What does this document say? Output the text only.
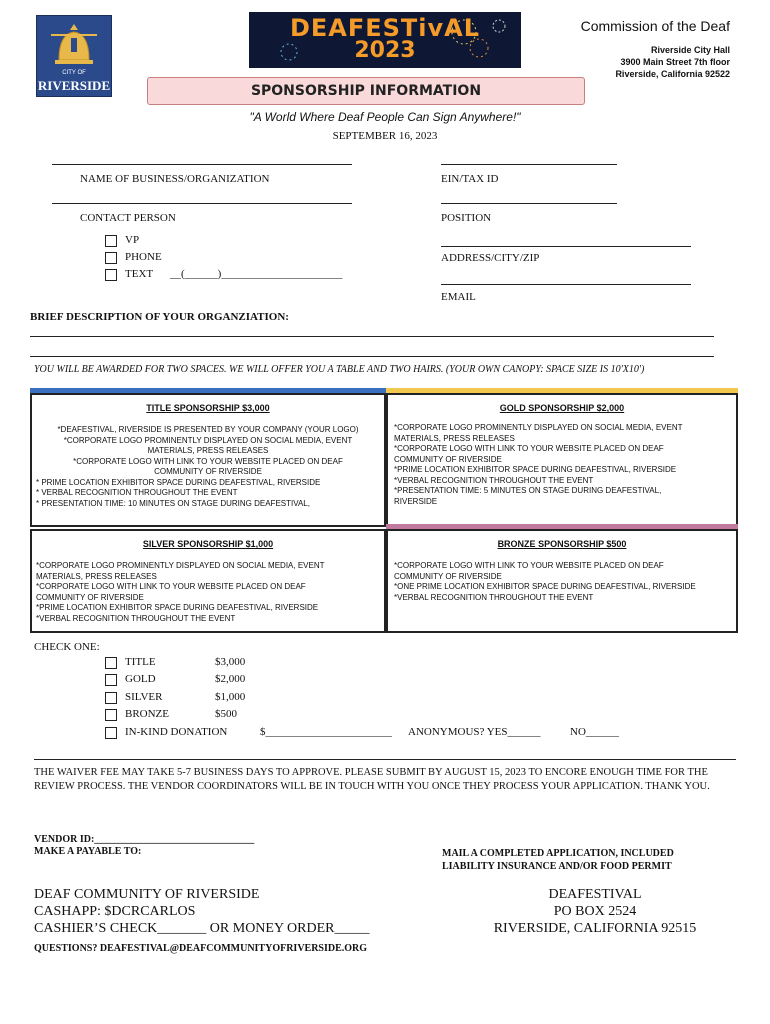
CITY OF
RIVERSIDE
DEAFESTivAL
2023
SPONSORSHIP INFORMATION
Commission of the Deaf
Riverside City Hall
3900 Main Street 7th floor
Riverside, California 92522
"A World Where Deaf People Can Sign Anywhere!"
SEPTEMBER 16, 2023
NAME OF BUSINESS/ORGANIZATION	EIN/TAX ID
CONTACT PERSON	POSITION
VP
PHONE
TEXT __(______)______________________
ADDRESS/CITY/ZIP
EMAIL
BRIEF DESCRIPTION OF YOUR ORGANZIATION:
YOU WILL BE AWARDED FOR TWO SPACES. WE WILL OFFER YOU A TABLE AND TWO HAIRS. (YOUR OWN CANOPY: SPACE SIZE IS 10'X10')
TITLE SPONSORSHIP $3,000
*DEAFESTIVAL, RIVERSIDE IS PRESENTED BY YOUR COMPANY (YOUR LOGO)
*CORPORATE LOGO PROMINENTLY DISPLAYED ON SOCIAL MEDIA, EVENT
MATERIALS, PRESS RELEASES
*CORPORATE LOGO WITH LINK TO YOUR WEBSITE PLACED ON DEAF
COMMUNITY OF RIVERSIDE
* PRIME LOCATION EXHIBITOR SPACE DURING DEAFESTIVAL, RIVERSIDE
* VERBAL RECOGNITION THROUGHOUT THE EVENT
* PRESENTATION TIME: 10 MINUTES ON STAGE DURING DEAFESTIVAL,
GOLD SPONSORSHIP $2,000
*CORPORATE LOGO PROMINENTLY DISPLAYED ON SOCIAL MEDIA, EVENT
MATERIALS, PRESS RELEASES
*CORPORATE LOGO WITH LINK TO YOUR WEBSITE PLACED ON DEAF
COMMUNITY OF RIVERSIDE
*PRIME LOCATION EXHIBITOR SPACE DURING DEAFESTIVAL, RIVERSIDE
*VERBAL RECOGNITION THROUGHOUT THE EVENT
*PRESENTATION TIME: 5 MINUTES ON STAGE DURING DEAFESTIVAL,
RIVERSIDE
SILVER SPONSORSHIP $1,000
*CORPORATE LOGO PROMINENTLY DISPLAYED ON SOCIAL MEDIA, EVENT
MATERIALS, PRESS RELEASES
*CORPORATE LOGO WITH LINK TO YOUR WEBSITE PLACED ON DEAF
COMMUNITY OF RIVERSIDE
*PRIME LOCATION EXHIBITOR SPACE DURING DEAFESTIVAL, RIVERSIDE
*VERBAL RECOGNITION THROUGHOUT THE EVENT
BRONZE SPONSORSHIP $500
*CORPORATE LOGO WITH LINK TO YOUR WEBSITE PLACED ON DEAF
COMMUNITY OF RIVERSIDE
*ONE PRIME LOCATION EXHIBITOR SPACE DURING DEAFESTIVAL, RIVERSIDE
*VERBAL RECOGNITION THROUGHOUT THE EVENT
CHECK ONE:
TITLE	$3,000
GOLD	$2,000
SILVER	$1,000
BRONZE	$500
IN-KIND DONATION	$_______________________ ANONYMOUS? YES______	NO______
THE WAIVER FEE MAY TAKE 5-7 BUSINESS DAYS TO APPROVE. PLEASE SUBMIT BY AUGUST 15, 2023 TO ENCORE ENOUGH TIME FOR THE REVIEW PROCESS. THE VENDOR COORDINATORS WILL BE IN TOUCH WITH YOU ONCE THEY PROCESS YOUR APPLICATION. THANK YOU.
VENDOR ID:________________________________
MAKE A PAYABLE TO:	MAIL A COMPLETED APPLICATION, INCLUDED
LIABILITY INSURANCE AND/OR FOOD PERMIT
DEAF COMMUNITY OF RIVERSIDE
CASHAPP: $DCRCARLOS
CASHIER’S CHECK_______ OR MONEY ORDER_____
DEAFESTIVAL
PO BOX 2524
RIVERSIDE, CALIFORNIA 92515
QUESTIONS? DEAFESTIVAL@DEAFCOMMUNITYOFRIVERSIDE.ORG
